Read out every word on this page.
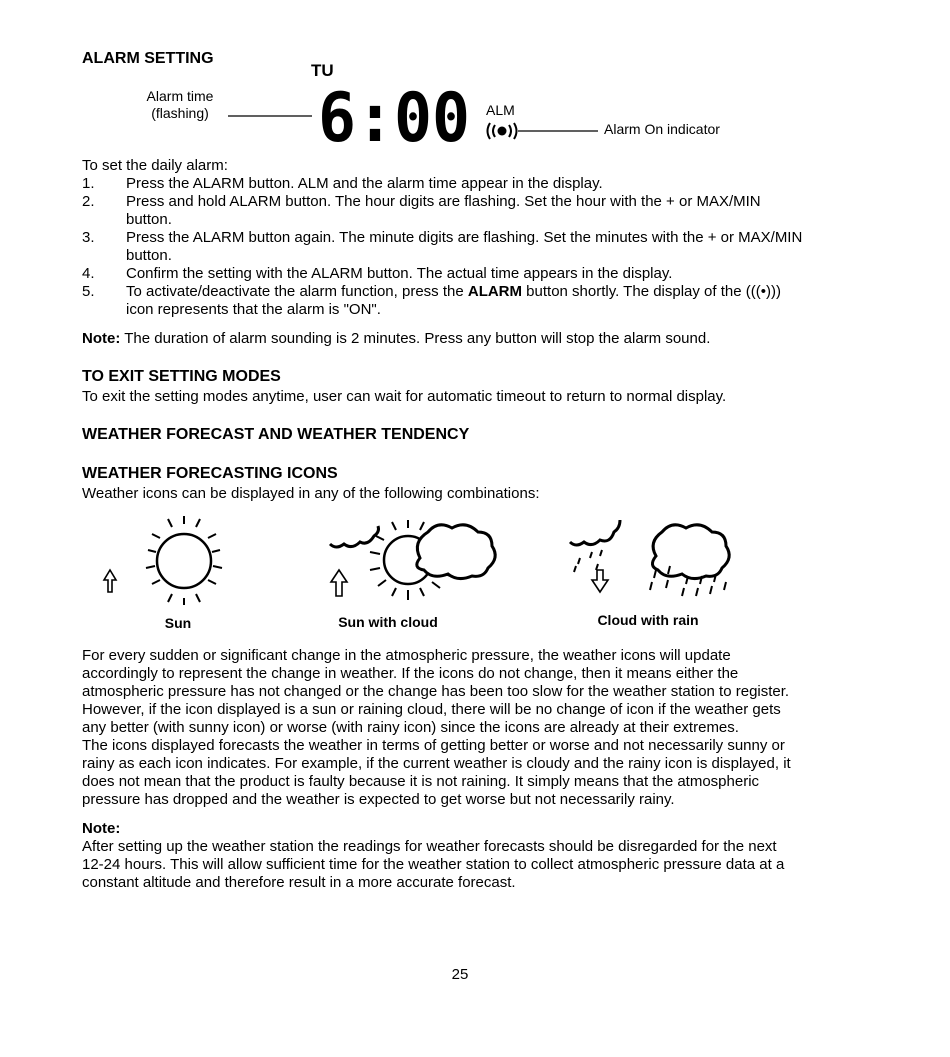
ALARM SETTING
Alarm time
(flashing)
TU
6:00 ALM
Alarm On indicator
To set the daily alarm:
1. Press the ALARM button. ALM and the alarm time appear in the display.
2. Press and hold ALARM button. The hour digits are flashing. Set the hour with the + or MAX/MIN
button.
3. Press the ALARM button again. The minute digits are flashing. Set the minutes with the + or MAX/MIN
button.
4. Confirm the setting with the ALARM button. The actual time appears in the display.
5. To activate/deactivate the alarm function, press the ALARM button shortly. The display of the (((•)))
icon represents that the alarm is "ON".
Note: The duration of alarm sounding is 2 minutes. Press any button will stop the alarm sound.
TO EXIT SETTING MODES
To exit the setting modes anytime, user can wait for automatic timeout to return to normal display.
WEATHER FORECAST AND WEATHER TENDENCY
WEATHER FORECASTING ICONS
Weather icons can be displayed in any of the following combinations:
Sun	Sun with cloud	Cloud with rain
For every sudden or significant change in the atmospheric pressure, the weather icons will update
accordingly to represent the change in weather. If the icons do not change, then it means either the
atmospheric pressure has not changed or the change has been too slow for the weather station to register.
However, if the icon displayed is a sun or raining cloud, there will be no change of icon if the weather gets
any better (with sunny icon) or worse (with rainy icon) since the icons are already at their extremes.
The icons displayed forecasts the weather in terms of getting better or worse and not necessarily sunny or
rainy as each icon indicates. For example, if the current weather is cloudy and the rainy icon is displayed, it
does not mean that the product is faulty because it is not raining. It simply means that the atmospheric
pressure has dropped and the weather is expected to get worse but not necessarily rainy.
Note:
After setting up the weather station the readings for weather forecasts should be disregarded for the next
12-24 hours. This will allow sufficient time for the weather station to collect atmospheric pressure data at a
constant altitude and therefore result in a more accurate forecast.
25
